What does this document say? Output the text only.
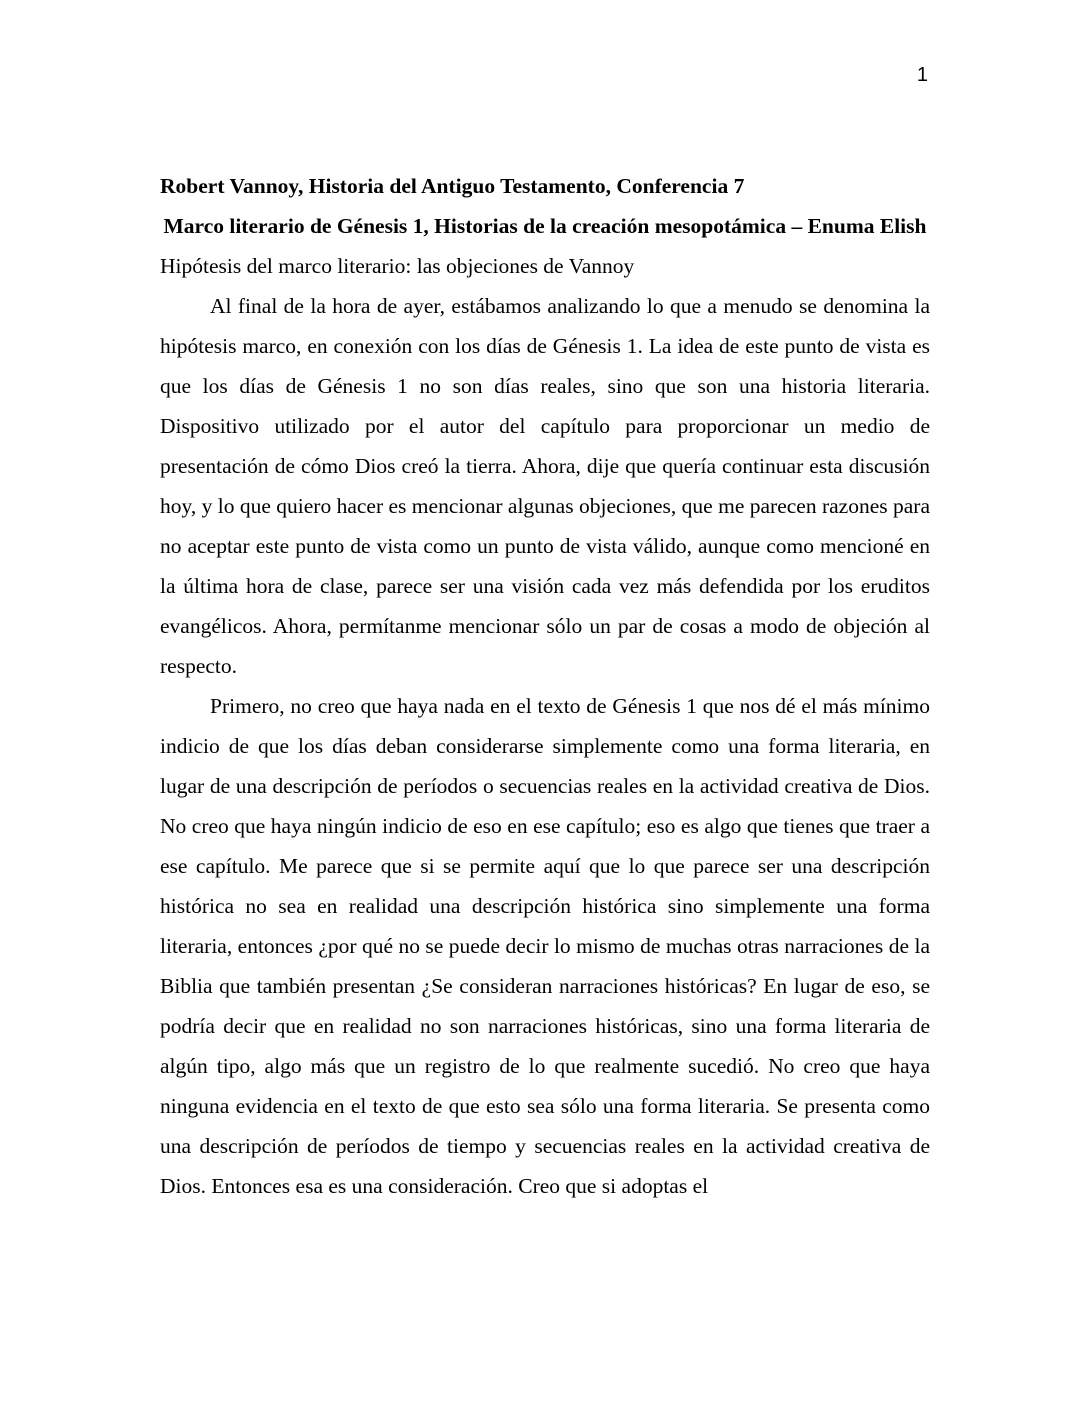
1

Robert Vannoy, Historia del Antiguo Testamento, Conferencia 7

Marco literario de Génesis 1, Historias de la creación mesopotámica – Enuma Elish

Hipótesis del marco literario: las objeciones de Vannoy

Al final de la hora de ayer, estábamos analizando lo que a menudo se denomina la hipótesis marco, en conexión con los días de Génesis 1. La idea de este punto de vista es que los días de Génesis 1 no son días reales, sino que son una historia literaria. Dispositivo utilizado por el autor del capítulo para proporcionar un medio de presentación de cómo Dios creó la tierra. Ahora, dije que quería continuar esta discusión hoy, y lo que quiero hacer es mencionar algunas objeciones, que me parecen razones para no aceptar este punto de vista como un punto de vista válido, aunque como mencioné en la última hora de clase, parece ser una visión cada vez más defendida por los eruditos evangélicos. Ahora, permítanme mencionar sólo un par de cosas a modo de objeción al respecto.

Primero, no creo que haya nada en el texto de Génesis 1 que nos dé el más mínimo indicio de que los días deban considerarse simplemente como una forma literaria, en lugar de una descripción de períodos o secuencias reales en la actividad creativa de Dios. No creo que haya ningún indicio de eso en ese capítulo; eso es algo que tienes que traer a ese capítulo. Me parece que si se permite aquí que lo que parece ser una descripción histórica no sea en realidad una descripción histórica sino simplemente una forma literaria, entonces ¿por qué no se puede decir lo mismo de muchas otras narraciones de la Biblia que también presentan ¿Se consideran narraciones históricas? En lugar de eso, se podría decir que en realidad no son narraciones históricas, sino una forma literaria de algún tipo, algo más que un registro de lo que realmente sucedió. No creo que haya ninguna evidencia en el texto de que esto sea sólo una forma literaria. Se presenta como una descripción de períodos de tiempo y secuencias reales en la actividad creativa de Dios. Entonces esa es una consideración. Creo que si adoptas el
